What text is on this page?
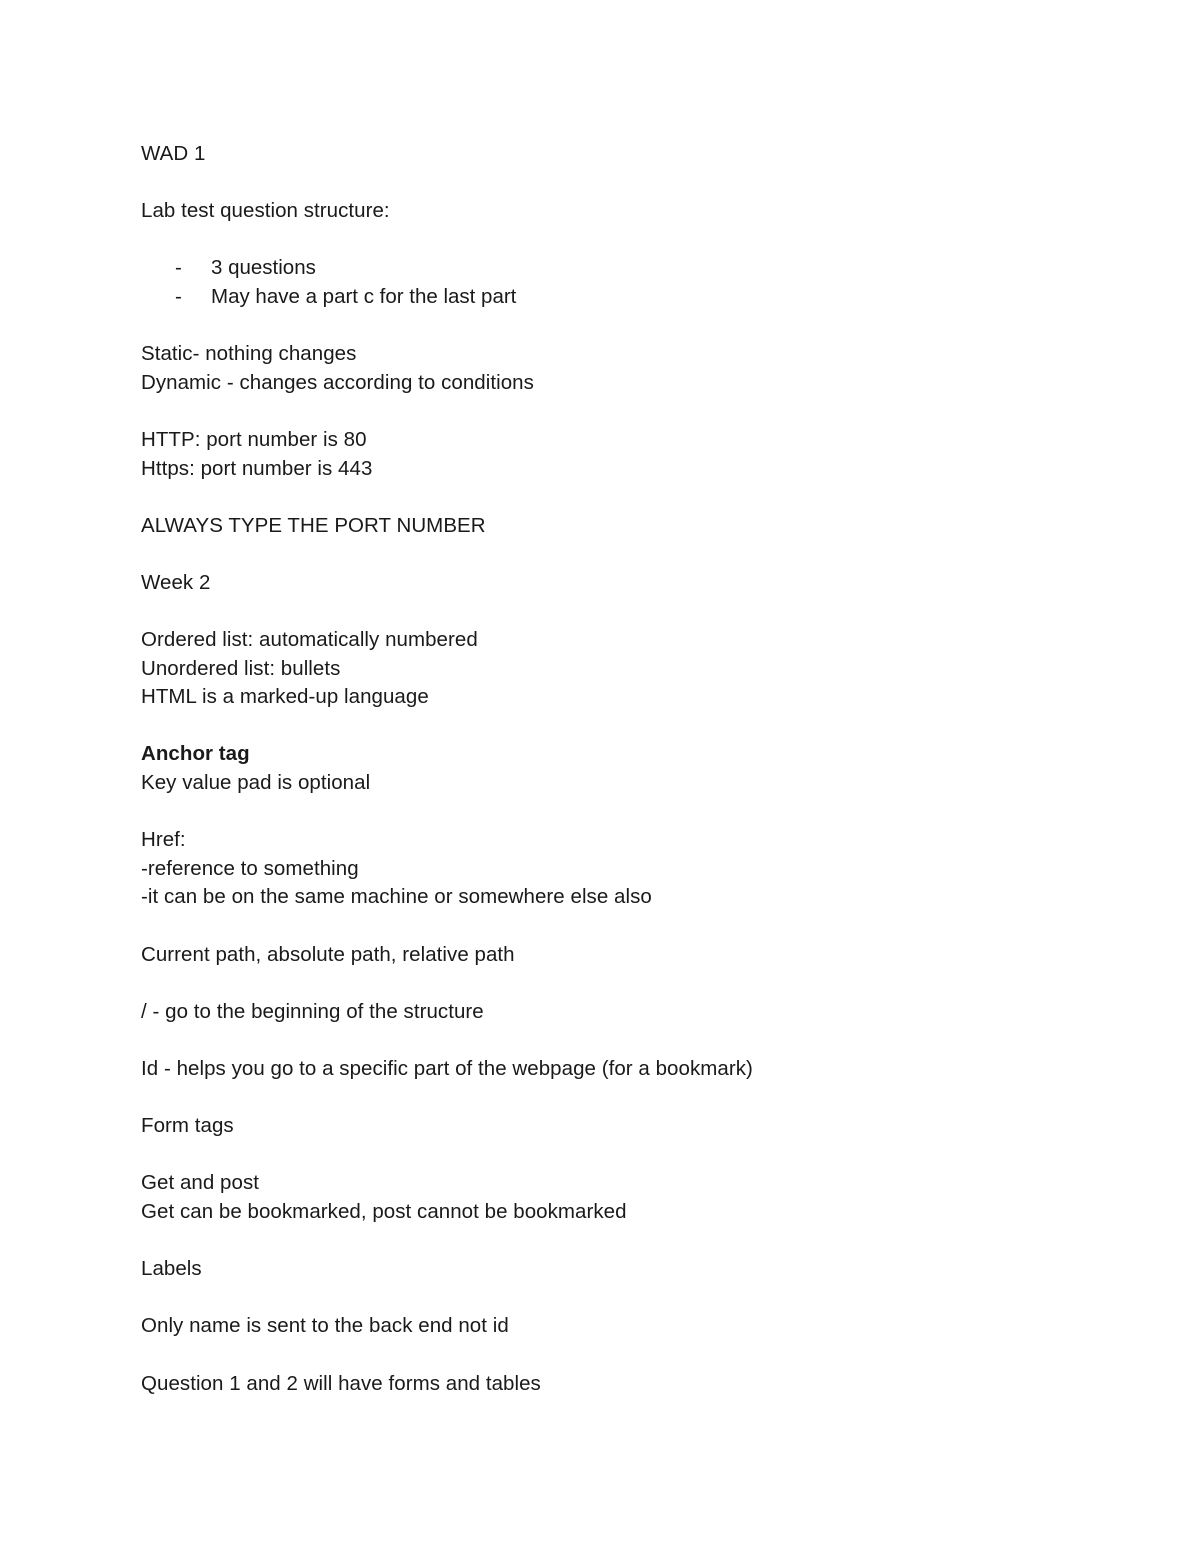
WAD 1
Lab test question structure:
-	3 questions
-	May have a part c for the last part
Static- nothing changes
Dynamic - changes according to conditions
HTTP: port number is 80
Https: port number is 443
ALWAYS TYPE THE PORT NUMBER
Week 2
Ordered list: automatically numbered
Unordered list: bullets
HTML is a marked-up language
Anchor tag
Key value pad is optional
Href:
-reference to something
-it can be on the same machine or somewhere else also
Current path, absolute path, relative path
/ - go to the beginning of the structure
Id - helps you go to a specific part of the webpage (for a bookmark)
Form tags
Get and post
Get can be bookmarked, post cannot be bookmarked
Labels
Only name is sent to the back end not id
Question 1 and 2 will have forms and tables
